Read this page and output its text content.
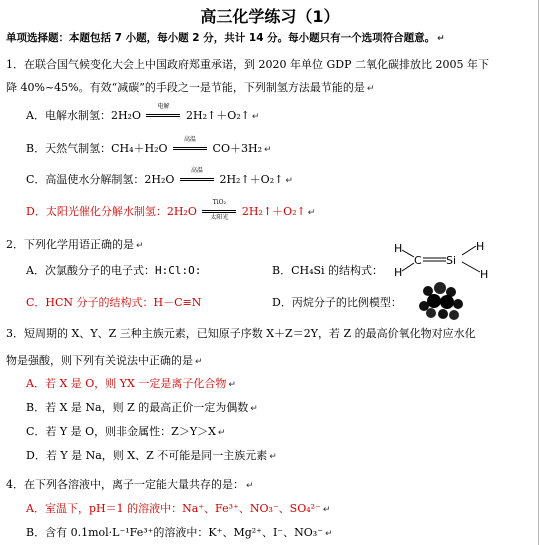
高三化学练习（1）
单项选择题：本题包括 7 小题，每小题 2 分，共计 14 分。每小题只有一个选项符合题意。 ↵
1．在联合国气候变化大会上中国政府郑重承诺，到 2020 年单位 GDP 二氧化碳排放比 2005 年下
降 40%~45%。有效“减碳”的手段之一是节能，下列制氢方法最节能的是 ↵
A．电解水制氢：2H₂O
电解
2H₂↑＋O₂↑ ↵
B．天然气制氢：CH₄＋H₂O
高温
CO＋3H₂ ↵
C．高温使水分解制氢：2H₂O
高温
2H₂↑＋O₂↑ ↵
D．太阳光催化分解水制氢：2H₂O
TiO₂
太阳光	2H₂↑＋O₂↑ ↵
2．下列化学用语正确的是 ↵
A．次氯酸分子的电子式：H:Cl:O:	B．CH₄Si 的结构式：
H
H
C Si
H
H
C．HCN 分子的结构式：H－C≡N	D．丙烷分子的比例模型：
3．短周期的 X、Y、Z 三种主族元素，已知原子序数 X＋Z＝2Y，若 Z 的最高价氧化物对应水化
物是强酸，则下列有关说法中正确的是 ↵
A．若 X 是 O，则 YX 一定是离子化合物 ↵
B．若 X 是 Na，则 Z 的最高正价一定为偶数 ↵
C．若 Y 是 O，则非金属性：Z＞Y＞X ↵
D．若 Y 是 Na，则 X、Z 不可能是同一主族元素 ↵
4．在下列各溶液中，离子一定能大量共存的是： ↵
A．室温下，pH＝1 的溶液中：Na⁺、Fe³⁺、NO₃⁻、SO₄²⁻ ↵
B．含有 0.1mol·L⁻¹Fe³⁺的溶液中：K⁺、Mg²⁺、I⁻、NO₃⁻ ↵
